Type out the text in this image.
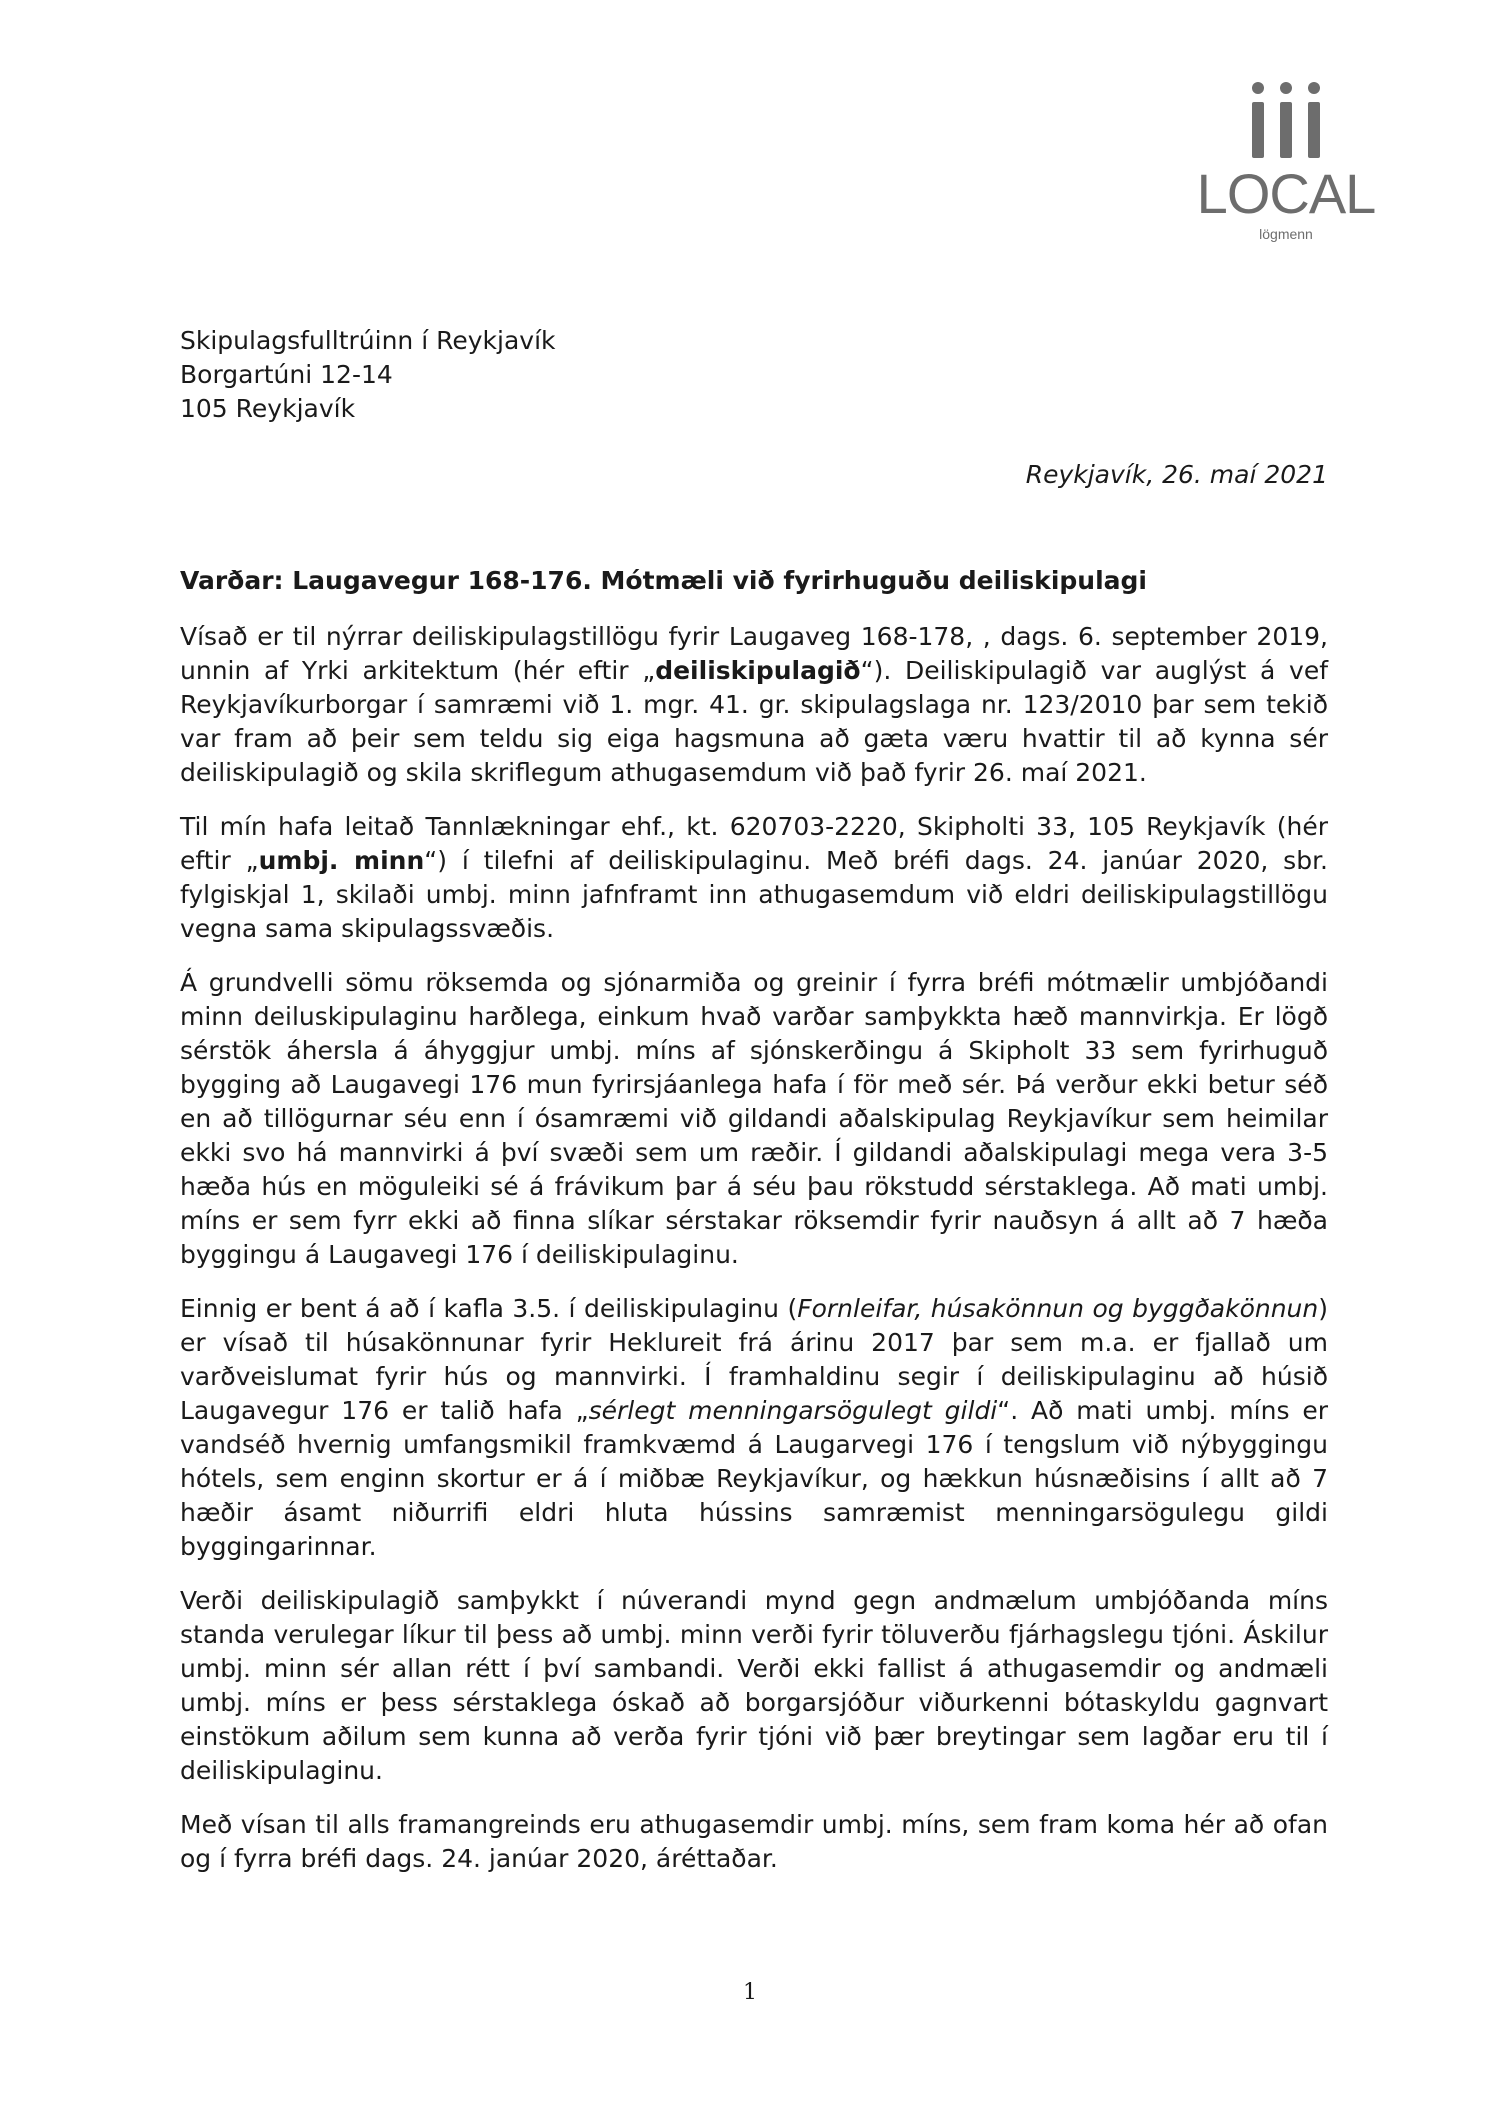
LOCAL
lögmenn
Skipulagsfulltrúinn í Reykjavík
Borgartúni 12-14
105 Reykjavík
Reykjavík, 26. maí 2021
Varðar: Laugavegur 168-176. Mótmæli við fyrirhuguðu deiliskipulagi

Vísað er til nýrrar deiliskipulagstillögu fyrir Laugaveg 168-178, , dags. 6. september 2019, unnin af Yrki arkitektum (hér eftir „deiliskipulagið“). Deiliskipulagið var auglýst á vef Reykjavíkurborgar í samræmi við 1. mgr. 41. gr. skipulagslaga nr. 123/2010 þar sem tekið var fram að þeir sem teldu sig eiga hagsmuna að gæta væru hvattir til að kynna sér deiliskipulagið og skila skriflegum athugasemdum við það fyrir 26. maí 2021.

Til mín hafa leitað Tannlækningar ehf., kt. 620703-2220, Skipholti 33, 105 Reykjavík (hér eftir „umbj. minn“) í tilefni af deiliskipulaginu. Með bréfi dags. 24. janúar 2020, sbr. fylgiskjal 1, skilaði umbj. minn jafnframt inn athugasemdum við eldri deiliskipulagstillögu vegna sama skipulagssvæðis.

Á grundvelli sömu röksemda og sjónarmiða og greinir í fyrra bréfi mótmælir umbjóðandi minn deiluskipulaginu harðlega, einkum hvað varðar samþykkta hæð mannvirkja. Er lögð sérstök áhersla á áhyggjur umbj. míns af sjónskerðingu á Skipholt 33 sem fyrirhuguð bygging að Laugavegi 176 mun fyrirsjáanlega hafa í för með sér. Þá verður ekki betur séð en að tillögurnar séu enn í ósamræmi við gildandi aðalskipulag Reykjavíkur sem heimilar ekki svo há mannvirki á því svæði sem um ræðir. Í gildandi aðalskipulagi mega vera 3-5 hæða hús en möguleiki sé á frávikum þar á séu þau rökstudd sérstaklega. Að mati umbj. míns er sem fyrr ekki að finna slíkar sérstakar röksemdir fyrir nauðsyn á allt að 7 hæða byggingu á Laugavegi 176 í deiliskipulaginu.

Einnig er bent á að í kafla 3.5. í deiliskipulaginu (Fornleifar, húsakönnun og byggðakönnun) er vísað til húsakönnunar fyrir Heklureit frá árinu 2017 þar sem m.a. er fjallað um varðveislumat fyrir hús og mannvirki. Í framhaldinu segir í deiliskipulaginu að húsið Laugavegur 176 er talið hafa „sérlegt menningarsögulegt gildi“. Að mati umbj. míns er vandséð hvernig umfangsmikil framkvæmd á Laugarvegi 176 í tengslum við nýbyggingu hótels, sem enginn skortur er á í miðbæ Reykjavíkur, og hækkun húsnæðisins í allt að 7 hæðir ásamt niðurrifi eldri hluta hússins samræmist menningarsögulegu gildi byggingarinnar.

Verði deiliskipulagið samþykkt í núverandi mynd gegn andmælum umbjóðanda míns standa verulegar líkur til þess að umbj. minn verði fyrir töluverðu fjárhagslegu tjóni. Áskilur umbj. minn sér allan rétt í því sambandi. Verði ekki fallist á athugasemdir og andmæli umbj. míns er þess sérstaklega óskað að borgarsjóður viðurkenni bótaskyldu gagnvart einstökum aðilum sem kunna að verða fyrir tjóni við þær breytingar sem lagðar eru til í deiliskipulaginu.

Með vísan til alls framangreinds eru athugasemdir umbj. míns, sem fram koma hér að ofan og í fyrra bréfi dags. 24. janúar 2020, áréttaðar.

1
